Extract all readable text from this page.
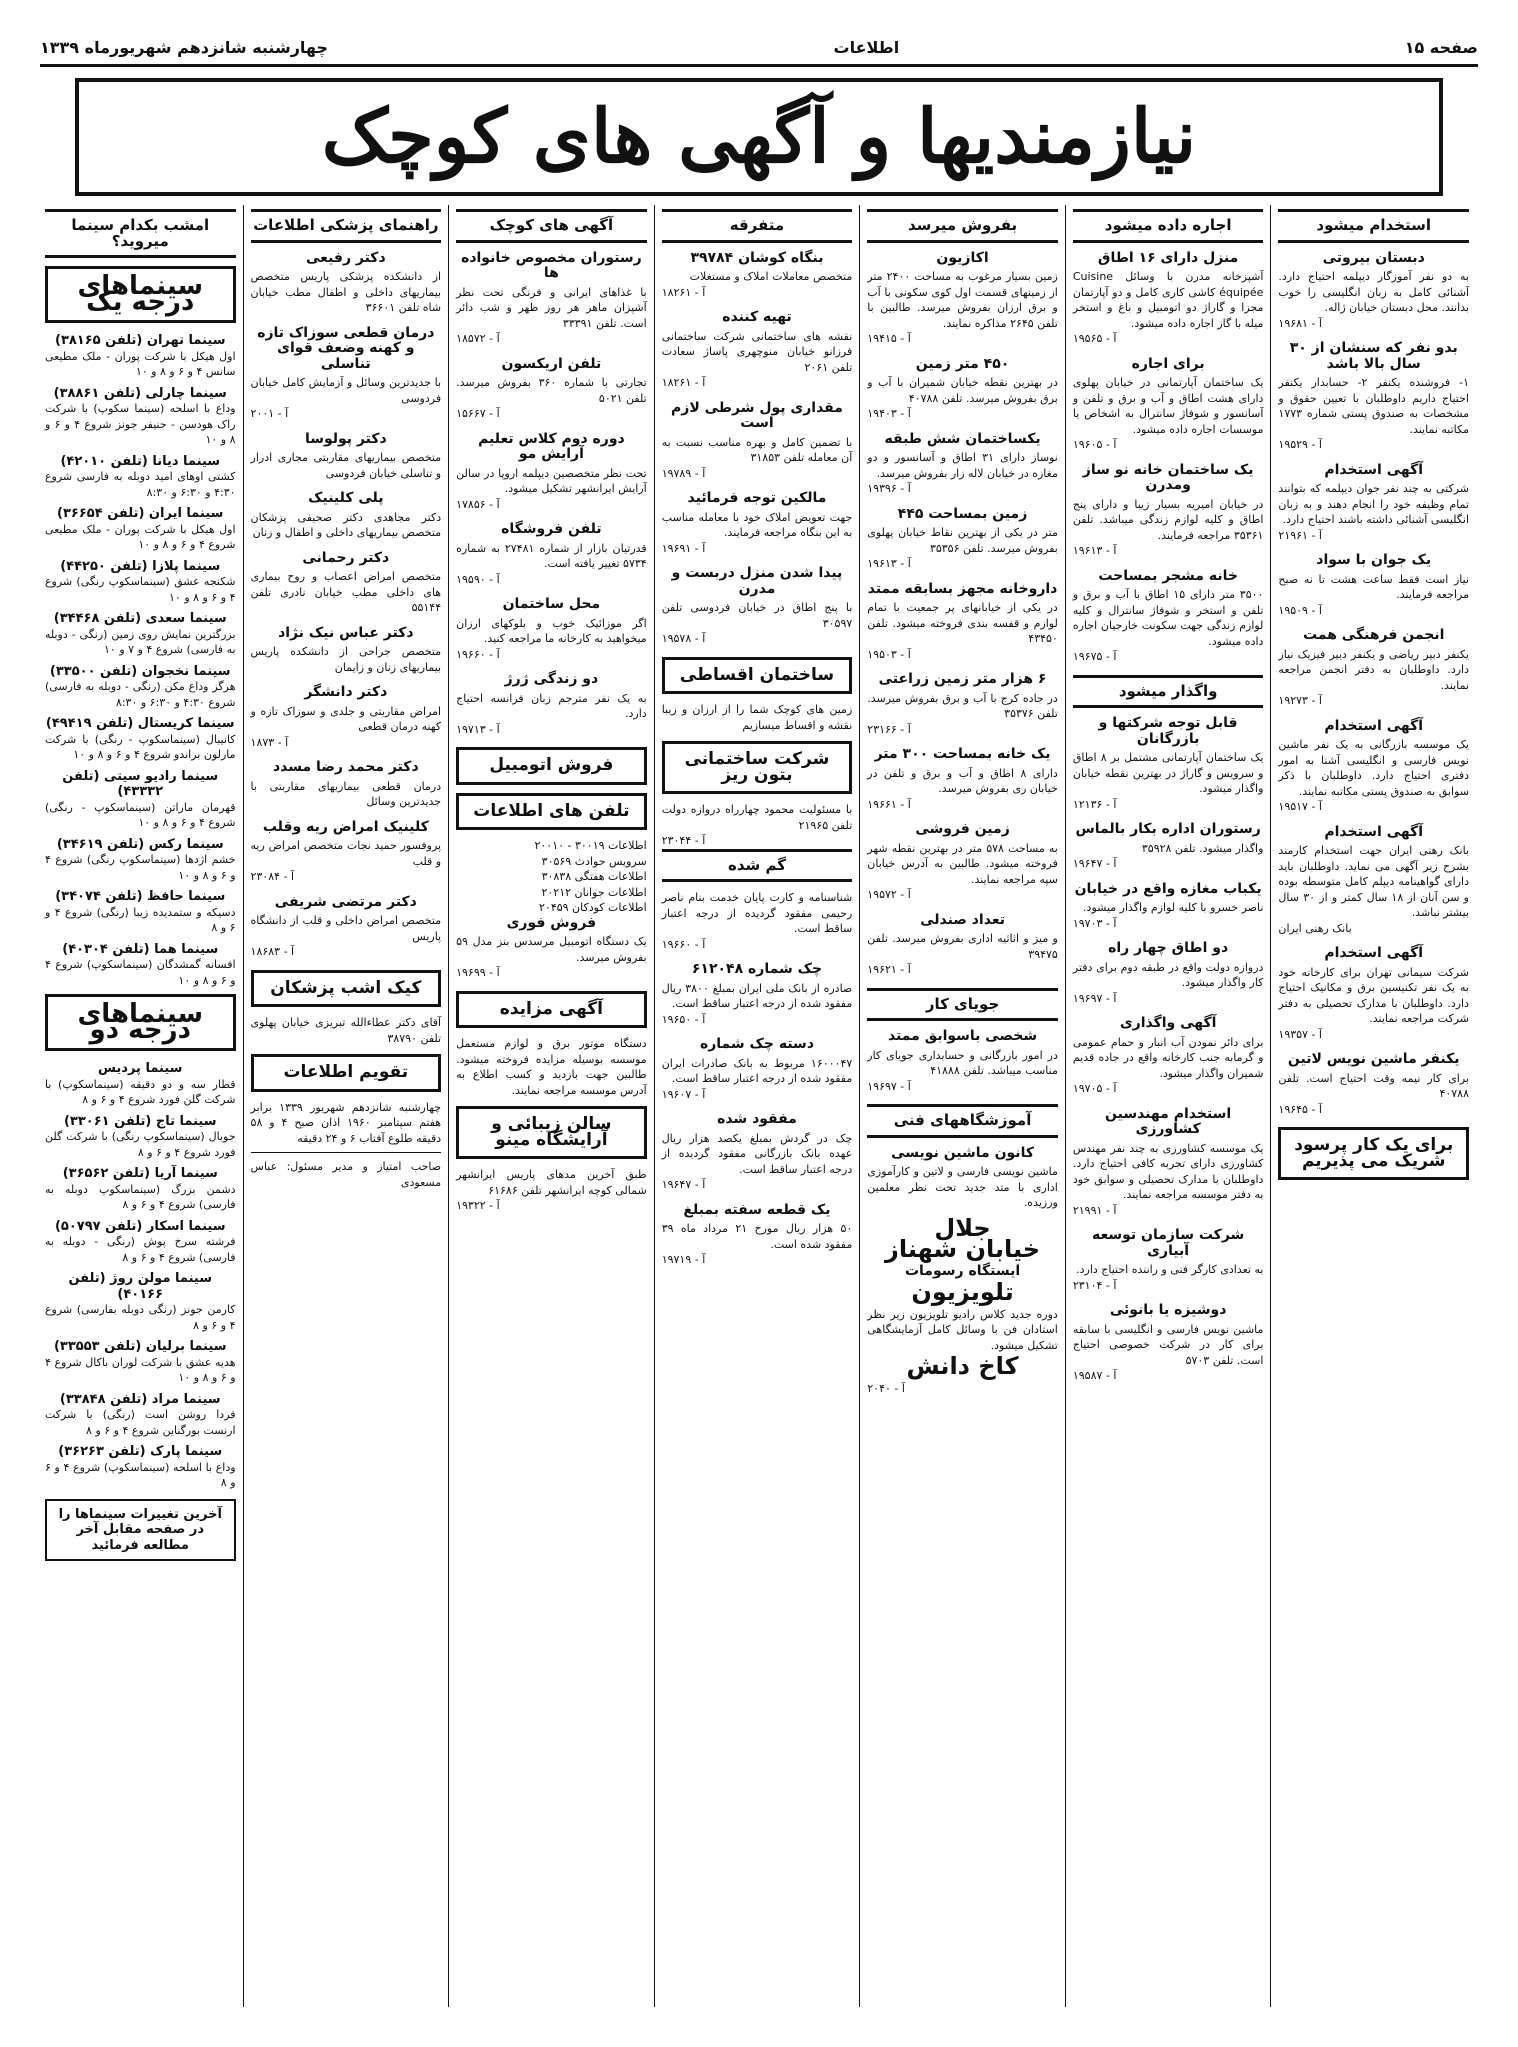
صفحه ۱۵
اطلاعات
چهارشنبه شانزدهم شهریورماه ۱۳۳۹
نیازمندیها و آگهی های کوچک
استخدام میشود
دبستان بیروتی
به دو نفر آموزگار دیپلمه احتیاج دارد. آشنائی کامل به زبان انگلیسی را خوب بدانند. محل دبستان خیابان ژاله.
آ - ۱۹۶۸۱
بدو نفر که سنشان از ۳۰ سال بالا باشد
۱- فروشنده یکنفر ۲- حسابدار یکنفر احتیاج داریم داوطلبان با تعیین حقوق و مشخصات به صندوق پستی شماره ۱۷۷۳ مکاتبه نمایند.
آ - ۱۹۵۲۹
آگهی استخدام
شرکتی به چند نفر جوان دیپلمه که بتوانند تمام وظیفه خود را انجام دهند و به زبان انگلیسی آشنائی داشته باشند احتیاج دارد.
آ - ۲۱۹۶۱
یک جوان با سواد
نیاز است فقط ساعت هشت تا نه صبح مراجعه فرمایند.
آ - ۱۹۵۰۹
انجمن فرهنگی همت
یکنفر دبیر ریاضی و یکنفر دبیر فیزیک نیاز دارد. داوطلبان به دفتر انجمن مراجعه نمایند.
آ - ۱۹۲۷۳
آگهی استخدام
یک موسسه بازرگانی به یک نفر ماشین نویس فارسی و انگلیسی آشنا به امور دفتری احتیاج دارد. داوطلبان با ذکر سوابق به صندوق پستی مکاتبه نمایند.
آ - ۱۹۵۱۷
آگهی استخدام
بانک رهنی ایران جهت استخدام کارمند بشرح زیر آگهی می نماید. داوطلبان باید دارای گواهینامه دیپلم کامل متوسطه بوده و سن آنان از ۱۸ سال کمتر و از ۳۰ سال بیشتر نباشد.
بانک رهنی ایران
آگهی استخدام
شرکت سیمانی تهران برای کارخانه خود به یک نفر تکنیسین برق و مکانیک احتیاج دارد. داوطلبان با مدارک تحصیلی به دفتر شرکت مراجعه نمایند.
آ - ۱۹۳۵۷
یکنفر ماشین نویس لاتین
برای کار نیمه وقت احتیاج است. تلفن ۴۰۷۸۸
آ - ۱۹۶۴۵
برای یک کار پرسود شریک می پذیریم
اجاره داده میشود
منزل دارای ۱۶ اطاق
آشپزخانه مدرن با وسائل Cuisine équipée کاشی کاری کامل و دو آپارتمان مجزا و گاراژ دو اتومبیل و باغ و استخر میله با گاز اجاره داده میشود.
آ - ۱۹۵۶۵
برای اجاره
یک ساختمان آپارتمانی در خیابان پهلوی دارای هشت اطاق و آب و برق و تلفن و آسانسور و شوفاژ سانترال به اشخاص یا موسسات اجاره داده میشود.
آ - ۱۹۶۰۵
یک ساختمان خانه نو ساز ومدرن
در خیابان امیریه بسیار زیبا و دارای پنج اطاق و کلیه لوازم زندگی میباشد. تلفن ۳۵۳۶۱ مراجعه فرمایند.
آ - ۱۹۶۱۳
خانه مشجر بمساحت
۳۵۰۰ متر دارای ۱۵ اطاق با آب و برق و تلفن و استخر و شوفاژ سانترال و کلیه لوازم زندگی جهت سکونت خارجیان اجاره داده میشود.
آ - ۱۹۶۷۵
واگذار میشود
قابل توجه شرکتها و بازرگانان
یک ساختمان آپارتمانی مشتمل بر ۸ اطاق و سرویس و گاراژ در بهترین نقطه خیابان واگذار میشود.
آ - ۱۲۱۳۶
رستوران اداره بکار بالماس
واگذار میشود. تلفن ۳۵۹۲۸
آ - ۱۹۶۴۷
یکباب مغازه واقع در خیابان
ناصر خسرو با کلیه لوازم واگذار میشود.
آ - ۱۹۷۰۳
دو اطاق چهار راه
دروازه دولت واقع در طبقه دوم برای دفتر کار واگذار میشود.
آ - ۱۹۶۹۷
آگهی واگذاری
برای دائر نمودن آب انبار و حمام عمومی و گرمابه جنب کارخانه واقع در جاده قدیم شمیران واگذار میشود.
آ - ۱۹۷۰۵
استخدام مهندسین کشاورزی
یک موسسه کشاورزی به چند نفر مهندس کشاورزی دارای تجربه کافی احتیاج دارد. داوطلبان با مدارک تحصیلی و سوابق خود به دفتر موسسه مراجعه نمایند.
آ - ۲۱۹۹۱
شرکت سازمان توسعه آبیاری
به تعدادی کارگر فنی و راننده احتیاج دارد.
آ - ۲۳۱۰۴
دوشیزه یا بانوئی
ماشین نویس فارسی و انگلیسی با سابقه برای کار در شرکت خصوصی احتیاج است. تلفن ۵۷۰۳
آ - ۱۹۵۸۷
بفروش میرسد
اکازیون
زمین بسیار مرغوب به مساحت ۲۴۰۰ متر از زمینهای قسمت اول کوی سکونی با آب و برق ارزان بفروش میرسد. طالبین با تلفن ۲۶۴۵ مذاکره نمایند.
آ - ۱۹۴۱۵
۴۵۰ متر زمین
در بهترین نقطه خیابان شمیران با آب و برق بفروش میرسد. تلفن ۴۰۷۸۸
آ - ۱۹۴۰۳
یکساختمان شش طبقه
نوساز دارای ۳۱ اطاق و آسانسور و دو مغازه در خیابان لاله زار بفروش میرسد.
آ - ۱۹۳۹۶
زمین بمساحت ۴۴۵
متر در یکی از بهترین نقاط خیابان پهلوی بفروش میرسد. تلفن ۳۵۳۵۶
آ - ۱۹۶۱۳
داروخانه مجهز بسابقه ممتد
در یکی از خیابانهای پر جمعیت با تمام لوازم و قفسه بندی فروخته میشود. تلفن ۴۳۴۵۰
آ - ۱۹۵۰۳
۶ هزار متر زمین زراعتی
در جاده کرج با آب و برق بفروش میرسد. تلفن ۳۵۳۷۶
آ - ۲۳۱۶۶
یک خانه بمساحت ۳۰۰ متر
دارای ۸ اطاق و آب و برق و تلفن در خیابان ری بفروش میرسد.
آ - ۱۹۶۶۱
زمین فروشی
به مساحت ۵۷۸ متر در بهترین نقطه شهر فروخته میشود. طالبین به آدرس خیابان سپه مراجعه نمایند.
آ - ۱۹۵۷۲
تعداد صندلی
و میز و اثاثیه اداری بفروش میرسد. تلفن ۳۹۴۷۵
آ - ۱۹۶۲۱
جویای کار
شخصی باسوابق ممتد
در امور بازرگانی و حسابداری جویای کار مناسب میباشد. تلفن ۴۱۸۸۸
آ - ۱۹۶۹۷
آموزشگاههای فنی
کانون ماشین نویسی
ماشین نویسی فارسی و لاتین و کارآموزی اداری با متد جدید تحت نظر معلمین ورزیده.
جلال
خیابان شهناز
ایستگاه رسومات
تلویزیون
دوره جدید کلاس رادیو تلویزیون زیر نظر استادان فن با وسائل کامل آزمایشگاهی تشکیل میشود.
کاخ دانش
آ - ۲۰۴۰
متفرقه
بنگاه کوشان ۳۹۷۸۴
متخصص معاملات املاک و مستغلات
آ - ۱۸۲۶۱
تهیه کننده
نقشه های ساختمانی شرکت ساختمانی فرزانو خیابان منوچهری پاساژ سعادت تلفن ۲۰۶۱
آ - ۱۸۲۶۱
مقداری پول شرطی لازم است
با تضمین کامل و بهره مناسب نسبت به آن معامله تلفن ۳۱۸۵۳
آ - ۱۹۷۸۹
مالکین توجه فرمائید
جهت تعویض املاک خود با معامله مناسب به این بنگاه مراجعه فرمایند.
آ - ۱۹۶۹۱
پیدا شدن منزل دربست و مدرن
با پنج اطاق در خیابان فردوسی تلفن ۳۰۵۹۷
آ - ۱۹۵۷۸
ساختمان اقساطی
زمین های کوچک شما را از ارزان و زیبا نقشه و اقساط میسازیم
شرکت ساختمانی بتون ریز
با مسئولیت محمود چهارراه دروازه دولت تلفن ۲۱۹۶۵
آ - ۲۳۰۴۴
گم شده
شناسنامه و کارت پایان خدمت بنام ناصر رحیمی مفقود گردیده از درجه اعتبار ساقط است.
آ - ۱۹۶۶۰
چک شماره ۶۱۲۰۴۸
صادره از بانک ملی ایران بمبلغ ۳۸۰۰ ریال مفقود شده از درجه اعتبار ساقط است.
آ - ۱۹۶۵۰
دسته چک شماره
۱۶۰۰۰۴۷ مربوط به بانک صادرات ایران مفقود شده از درجه اعتبار ساقط است.
آ - ۱۹۶۰۷
مفقود شده
چک در گردش بمبلغ یکصد هزار ریال عهده بانک بازرگانی مفقود گردیده از درجه اعتبار ساقط است.
آ - ۱۹۶۴۷
یک قطعه سفته بمبلغ
۵۰ هزار ریال مورخ ۲۱ مرداد ماه ۳۹ مفقود شده است.
آ - ۱۹۷۱۹
آگهی های کوچک
رستوران مخصوص خانواده ها
با غذاهای ایرانی و فرنگی تحت نظر آشپزان ماهر هر روز ظهر و شب دائر است. تلفن ۳۳۳۹۱
آ - ۱۸۵۷۲
تلفن اریکسون
تجارتی با شماره ۳۶۰ بفروش میرسد. تلفن ۵۰۲۱
آ - ۱۵۶۶۷
دوره دوم کلاس تعلیم آرایش مو
تحت نظر متخصصین دیپلمه اروپا در سالن آرایش ایرانشهر تشکیل میشود.
آ - ۱۷۸۵۶
تلفن فروشگاه
قدرتیان بازار از شماره ۲۷۴۸۱ به شماره ۵۷۳۴ تغییر یافته است.
آ - ۱۹۵۹۰
محل ساختمان
اگر موزائیک خوب و بلوکهای ارزان میخواهید به کارخانه ما مراجعه کنید.
آ - ۱۹۶۶۰
دو زندگی ژرژ
به یک نفر مترجم زبان فرانسه احتیاج دارد.
آ - ۱۹۷۱۳
فروش اتومبیل
تلفن های اطلاعات
اطلاعات ۳۰۰۱۹ - ۲۰۰۱۰
سرویس حوادث ۳۰۵۶۹
اطلاعات هفتگی ۳۰۸۳۸
اطلاعات جوانان ۲۰۲۱۲
اطلاعات کودکان ۲۰۴۵۹
فروش فوری
یک دستگاه اتومبیل مرسدس بنز مدل ۵۹ بفروش میرسد.
آ - ۱۹۶۹۹
آگهی مزایده
دستگاه موتور برق و لوازم مستعمل موسسه بوسیله مزایده فروخته میشود. طالبین جهت بازدید و کسب اطلاع به آدرس موسسه مراجعه نمایند.
سالن زیبائی و آرایشگاه مینو
طبق آخرین مدهای پاریس ایرانشهر شمالی کوچه ایرانشهر تلفن ۶۱۶۸۶
آ - ۱۹۳۲۲
راهنمای پزشکی اطلاعات
دکتر رفیعی
از دانشکده پزشکی پاریس متخصص بیماریهای داخلی و اطفال مطب خیابان شاه تلفن ۳۶۶۰۱
درمان قطعی سوزاک تازه و کهنه وضعف قوای تناسلی
با جدیدترین وسائل و آزمایش کامل خیابان فردوسی
آ - ۲۰۰۱
دکتر پولوسا
متخصص بیماریهای مقاربتی مجاری ادرار و تناسلی خیابان فردوسی
پلی کلینیک
دکتر مجاهدی دکتر صحیفی پزشکان متخصص بیماریهای داخلی و اطفال و زنان
دکتر رحمانی
متخصص امراض اعصاب و روح بیماری های داخلی مطب خیابان نادری تلفن ۵۵۱۴۴
دکتر عباس نیک نژاد
متخصص جراحی از دانشکده پاریس بیماریهای زنان و زایمان
دکتر دانشگر
امراض مقاربتی و جلدی و سوزاک تازه و کهنه درمان قطعی
آ - ۱۸۷۳
دکتر محمد رضا مسدد
درمان قطعی بیماریهای مقاربتی با جدیدترین وسائل
کلینیک امراض ریه وقلب
پروفسور حمید نجات متخصص امراض ریه و قلب
آ - ۲۳۰۸۴
دکتر مرتضی شریفی
متخصص امراض داخلی و قلب از دانشگاه پاریس
آ - ۱۸۶۸۳
کیک اشب پزشکان
آقای دکتر عطاءالله تبریزی خیابان پهلوی تلفن ۳۸۷۹۰
تقویم اطلاعات
چهارشنبه شانزدهم شهریور ۱۳۳۹ برابر هفتم سپتامبر ۱۹۶۰ اذان صبح ۴ و ۵۸ دقیقه طلوع آفتاب ۶ و ۲۴ دقیقه
صاحب امتیاز و مدیر مسئول: عباس مسعودی
امشب بکدام سینما میروید؟
سینماهای درجه یک
سینما تهران (تلفن ۳۸۱۶۵)
اول هیکل با شرکت پوران - ملک مطیعی سانس ۴ و ۶ و ۸ و ۱۰
سینما چارلی (تلفن ۳۸۸۶۱)
وداع با اسلحه (سینما سکوپ) با شرکت راک هودسن - جنیفر جونز شروع ۴ و ۶ و ۸ و ۱۰
سینما دیانا (تلفن ۴۲۰۱۰)
کشتی اوهای امید دوبله به فارسی شروع ۴:۳۰ و ۶:۳۰ و ۸:۳۰
سینما ایران (تلفن ۳۶۶۵۴)
اول هیکل با شرکت پوران - ملک مطیعی شروع ۴ و ۶ و ۸ و ۱۰
سینما پلازا (تلفن ۴۴۲۵۰)
شکنجه عشق (سینماسکوپ رنگی) شروع ۴ و ۶ و ۸ و ۱۰
سینما سعدی (تلفن ۳۴۴۶۸)
بزرگترین نمایش روی زمین (رنگی - دوبله به فارسی) شروع ۴ و ۷ و ۱۰
سینما نخجوان (تلفن ۳۳۵۰۰)
هرگز وداع مکن (رنگی - دوبله به فارسی) شروع ۴:۳۰ و ۶:۳۰ و ۸:۳۰
سینما کریستال (تلفن ۴۹۴۱۹)
کانیبال (سینماسکوپ - رنگی) با شرکت مارلون براندو شروع ۴ و ۶ و ۸ و ۱۰
سینما رادیو سیتی (تلفن ۴۳۳۳۲)
قهرمان ماراتن (سینماسکوپ - رنگی) شروع ۴ و ۶ و ۸ و ۱۰
سینما رکس (تلفن ۳۴۶۱۹)
خشم اژدها (سینماسکوپ رنگی) شروع ۴ و ۶ و ۸ و ۱۰
سینما حافظ (تلفن ۳۴۰۷۴)
دسیکه و ستمدیده زیبا (رنگی) شروع ۴ و ۶ و ۸
سینما هما (تلفن ۴۰۳۰۴)
افسانه گمشدگان (سینماسکوپ) شروع ۴ و ۶ و ۸ و ۱۰
سینماهای درجه دو
سینما پردیس
قطار سه و دو دقیقه (سینماسکوپ) با شرکت گلن فورد شروع ۴ و ۶ و ۸
سینما تاج (تلفن ۳۳۰۶۱)
جوبال (سینماسکوپ رنگی) با شرکت گلن فورد شروع ۴ و ۶ و ۸
سینما آریا (تلفن ۳۶۵۶۲)
دشمن بزرگ (سینماسکوپ دوبله به فارسی) شروع ۴ و ۶ و ۸
سینما اسکار (تلفن ۵۰۷۹۷)
فرشته سرخ پوش (رنگی - دوبله به فارسی) شروع ۴ و ۶ و ۸
سینما مولن روژ (تلفن ۴۰۱۶۶)
کارمن جونز (رنگی دوبله بفارسی) شروع ۴ و ۶ و ۸
سینما برلیان (تلفن ۳۳۵۵۳)
هدیه عشق با شرکت لوران باکال شروع ۴ و ۶ و ۸ و ۱۰
سینما مراد (تلفن ۳۳۸۴۸)
فردا روشن است (رنگی) با شرکت ارنست بورگناین شروع ۴ و ۶ و ۸
سینما پارک (تلفن ۳۶۲۶۳)
وداع با اسلحه (سینماسکوپ) شروع ۴ و ۶ و ۸
آخرین تغییرات سینماها را در صفحه مقابل آخر مطالعه فرمائید
